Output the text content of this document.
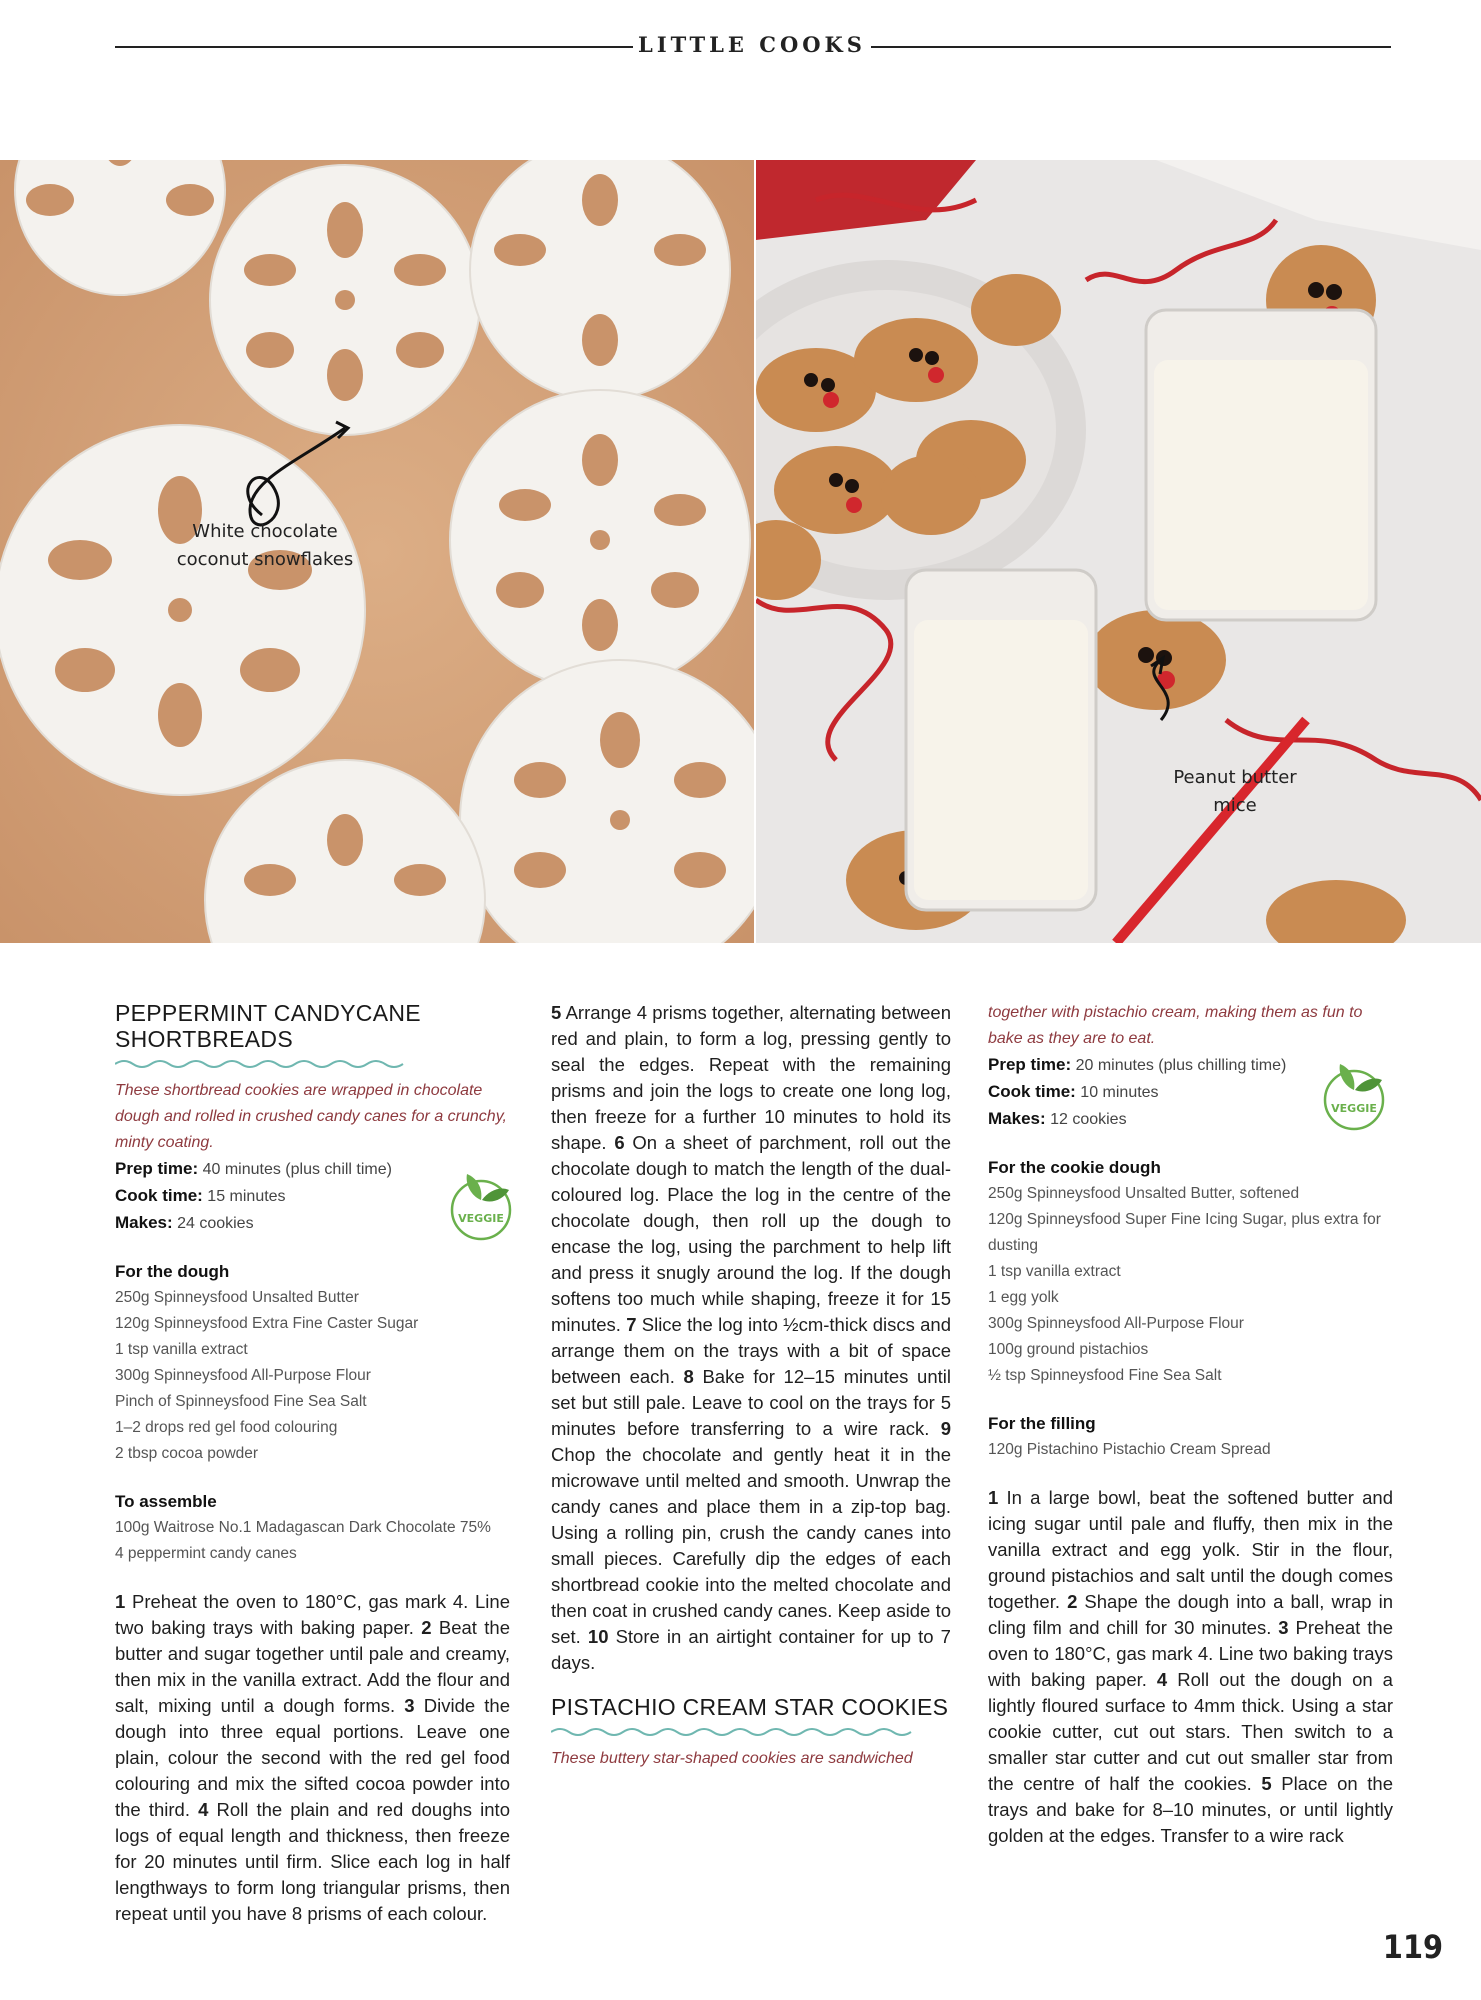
LITTLE COOKS
White chocolate
coconut snowflakes
Peanut butter
mice
PEPPERMINT CANDYCANE
SHORTBREADS
These shortbread cookies are wrapped in chocolate dough and rolled in crushed candy canes for a crunchy, minty coating.
Prep time: 40 minutes (plus chill time)
Cook time: 15 minutes
Makes: 24 cookies
For the dough
250g Spinneysfood Unsalted Butter
120g Spinneysfood Extra Fine Caster Sugar
1 tsp vanilla extract
300g Spinneysfood All-Purpose Flour
Pinch of Spinneysfood Fine Sea Salt
1–2 drops red gel food colouring
2 tbsp cocoa powder
To assemble
100g Waitrose No.1 Madagascan Dark Chocolate 75%
4 peppermint candy canes
1 Preheat the oven to 180°C, gas mark 4. Line two baking trays with baking paper. 2 Beat the butter and sugar together until pale and creamy, then mix in the vanilla extract. Add the flour and salt, mixing until a dough forms. 3 Divide the dough into three equal portions. Leave one plain, colour the second with the red gel food colouring and mix the sifted cocoa powder into the third. 4 Roll the plain and red doughs into logs of equal length and thickness, then freeze for 20 minutes until firm. Slice each log in half lengthways to form long triangular prisms, then repeat until you have 8 prisms of each colour.
VEGGIE
5 Arrange 4 prisms together, alternating between red and plain, to form a log, pressing gently to seal the edges. Repeat with the remaining prisms and join the logs to create one long log, then freeze for a further 10 minutes to hold its shape. 6 On a sheet of parchment, roll out the chocolate dough to match the length of the dual-coloured log. Place the log in the centre of the chocolate dough, then roll up the dough to encase the log, using the parchment to help lift and press it snugly around the log. If the dough softens too much while shaping, freeze it for 15 minutes. 7 Slice the log into ½cm-thick discs and arrange them on the trays with a bit of space between each. 8 Bake for 12–15 minutes until set but still pale. Leave to cool on the trays for 5 minutes before transferring to a wire rack. 9 Chop the chocolate and gently heat it in the microwave until melted and smooth. Unwrap the candy canes and place them in a zip-top bag. Using a rolling pin, crush the candy canes into small pieces. Carefully dip the edges of each shortbread cookie into the melted chocolate and then coat in crushed candy canes. Keep aside to set. 10 Store in an airtight container for up to 7 days.
PISTACHIO CREAM STAR COOKIES
These buttery star-shaped cookies are sandwiched
together with pistachio cream, making them as fun to bake as they are to eat.
Prep time: 20 minutes (plus chilling time)
Cook time: 10 minutes
Makes: 12 cookies
For the cookie dough
250g Spinneysfood Unsalted Butter, softened
120g Spinneysfood Super Fine Icing Sugar, plus extra for dusting
1 tsp vanilla extract
1 egg yolk
300g Spinneysfood All-Purpose Flour
100g ground pistachios
½ tsp Spinneysfood Fine Sea Salt
For the filling
120g Pistachino Pistachio Cream Spread
1 In a large bowl, beat the softened butter and icing sugar until pale and fluffy, then mix in the vanilla extract and egg yolk. Stir in the flour, ground pistachios and salt until the dough comes together. 2 Shape the dough into a ball, wrap in cling film and chill for 30 minutes. 3 Preheat the oven to 180°C, gas mark 4. Line two baking trays with baking paper. 4 Roll out the dough on a lightly floured surface to 4mm thick. Using a star cookie cutter, cut out stars. Then switch to a smaller star cutter and cut out smaller star from the centre of half the cookies. 5 Place on the trays and bake for 8–10 minutes, or until lightly golden at the edges. Transfer to a wire rack
VEGGIE
119
